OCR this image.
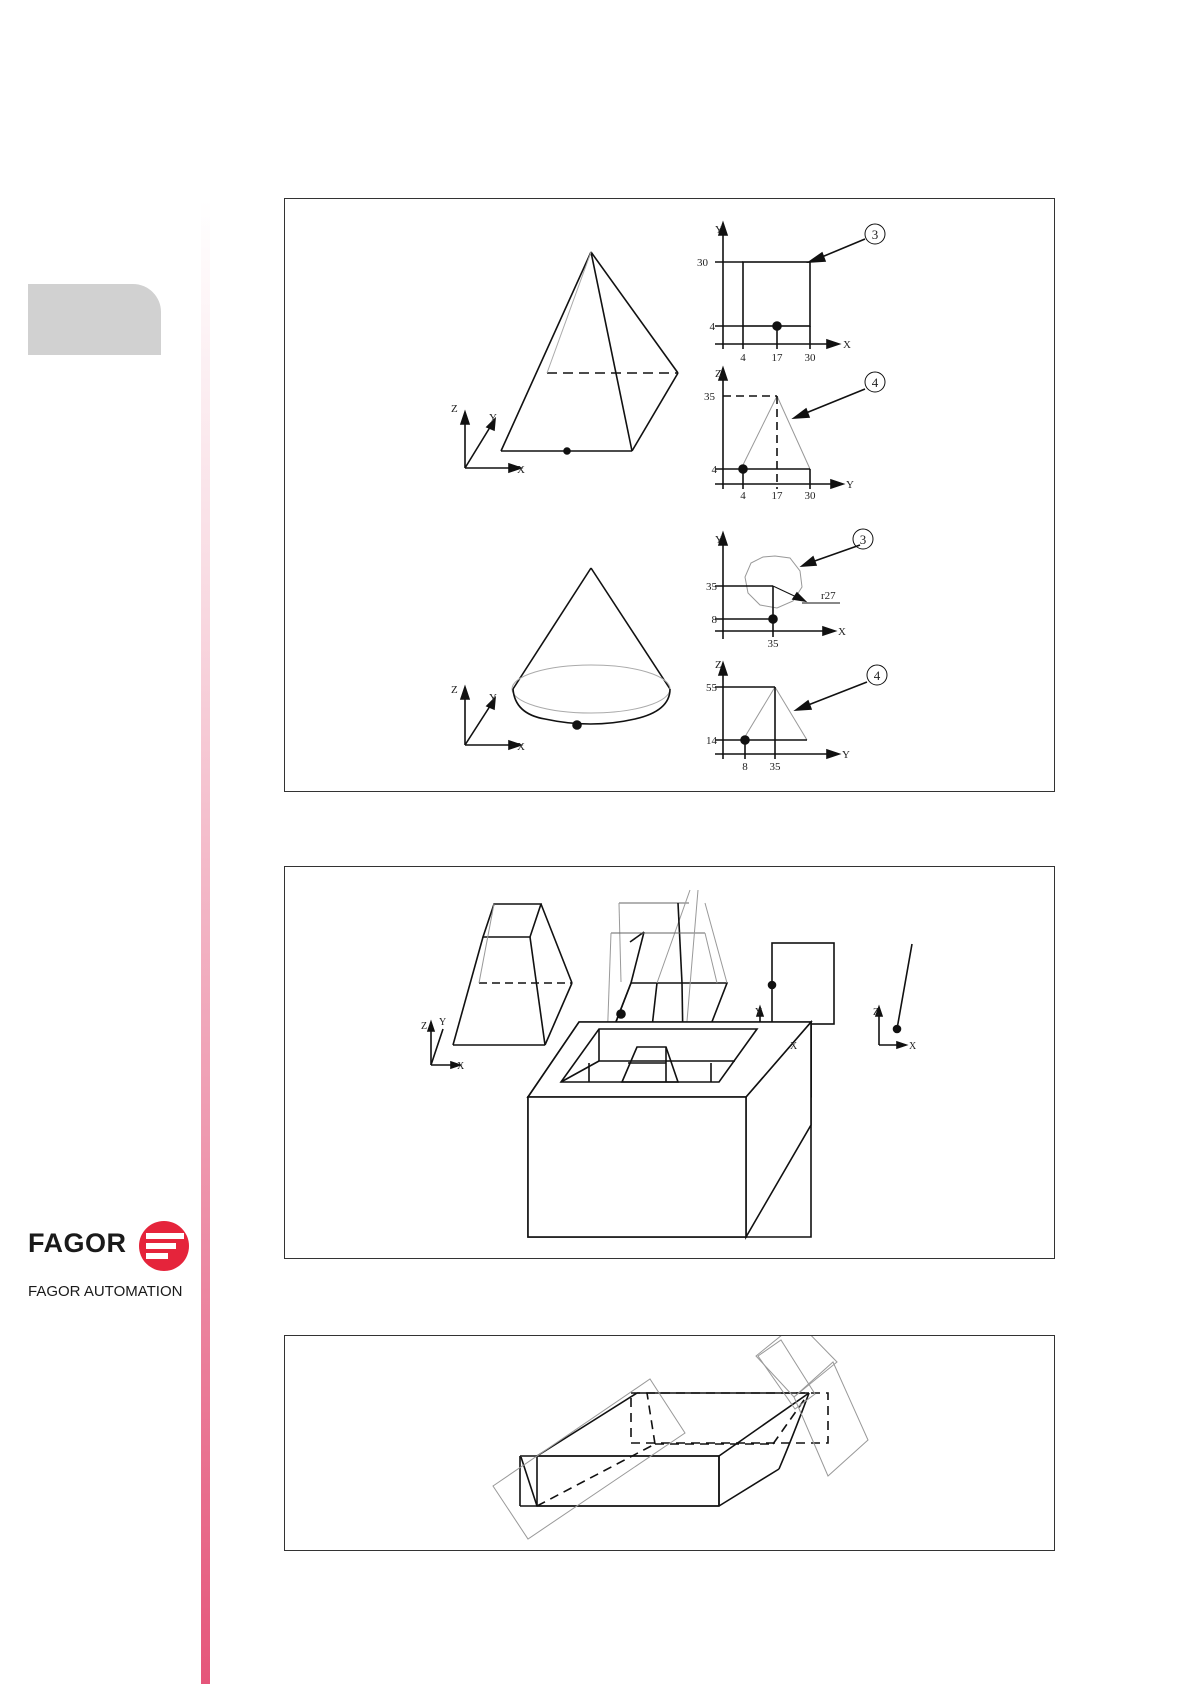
FAGOR
FAGOR AUTOMATION
Z
Y
X
Y
X
30
4
4 17 30
3
Z
Y
35
4
4 17 30
4
Z
Y
X
Y
X
35
8
35
r27
3
Z
Y
55
14
8 35
4
Z Y
X
Y
X
Z
X
